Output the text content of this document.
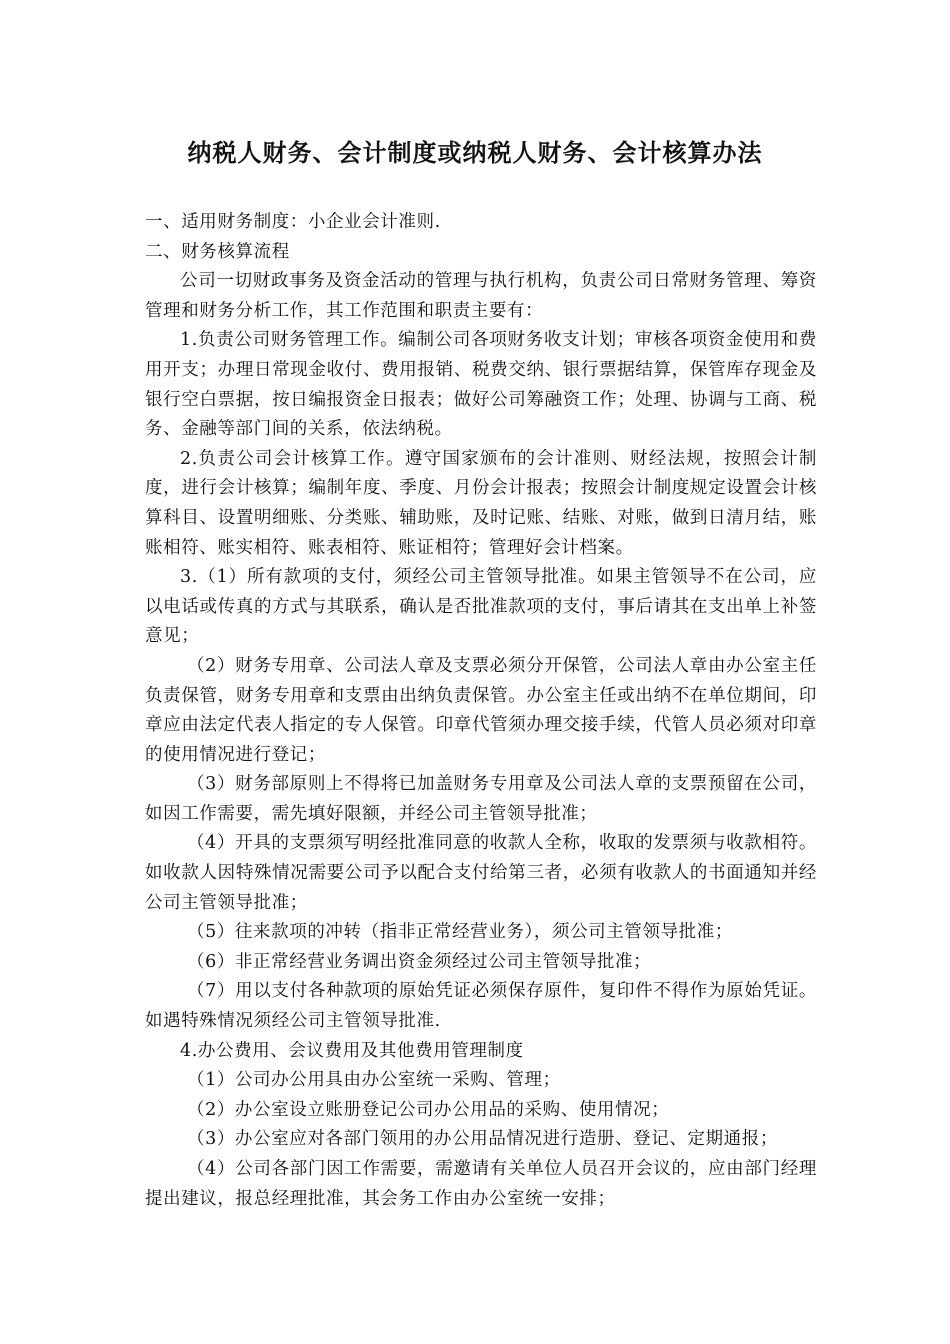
纳税人财务、会计制度或纳税人财务、会计核算办法

一、适用财务制度：小企业会计准则.

二、财务核算流程

公司一切财政事务及资金活动的管理与执行机构，负责公司日常财务管理、筹资管理和财务分析工作，其工作范围和职责主要有：

1.负责公司财务管理工作。编制公司各项财务收支计划；审核各项资金使用和费用开支；办理日常现金收付、费用报销、税费交纳、银行票据结算，保管库存现金及银行空白票据，按日编报资金日报表；做好公司筹融资工作；处理、协调与工商、税务、金融等部门间的关系，依法纳税。

2.负责公司会计核算工作。遵守国家颁布的会计准则、财经法规，按照会计制度，进行会计核算；编制年度、季度、月份会计报表；按照会计制度规定设置会计核算科目、设置明细账、分类账、辅助账，及时记账、结账、对账，做到日清月结，账账相符、账实相符、账表相符、账证相符；管理好会计档案。

3.（1）所有款项的支付，须经公司主管领导批准。如果主管领导不在公司，应以电话或传真的方式与其联系，确认是否批准款项的支付，事后请其在支出单上补签意见；

（2）财务专用章、公司法人章及支票必须分开保管，公司法人章由办公室主任负责保管，财务专用章和支票由出纳负责保管。办公室主任或出纳不在单位期间，印章应由法定代表人指定的专人保管。印章代管须办理交接手续，代管人员必须对印章的使用情况进行登记；

（3）财务部原则上不得将已加盖财务专用章及公司法人章的支票预留在公司，如因工作需要，需先填好限额，并经公司主管领导批准；

（4）开具的支票须写明经批准同意的收款人全称，收取的发票须与收款相符。如收款人因特殊情况需要公司予以配合支付给第三者，必须有收款人的书面通知并经公司主管领导批准；

（5）往来款项的冲转（指非正常经营业务），须公司主管领导批准；

（6）非正常经营业务调出资金须经过公司主管领导批准；

（7）用以支付各种款项的原始凭证必须保存原件，复印件不得作为原始凭证。如遇特殊情况须经公司主管领导批准.

4.办公费用、会议费用及其他费用管理制度

（1）公司办公用具由办公室统一采购、管理；

（2）办公室设立账册登记公司办公用品的采购、使用情况；

（3）办公室应对各部门领用的办公用品情况进行造册、登记、定期通报；

（4）公司各部门因工作需要，需邀请有关单位人员召开会议的，应由部门经理提出建议，报总经理批准，其会务工作由办公室统一安排；
